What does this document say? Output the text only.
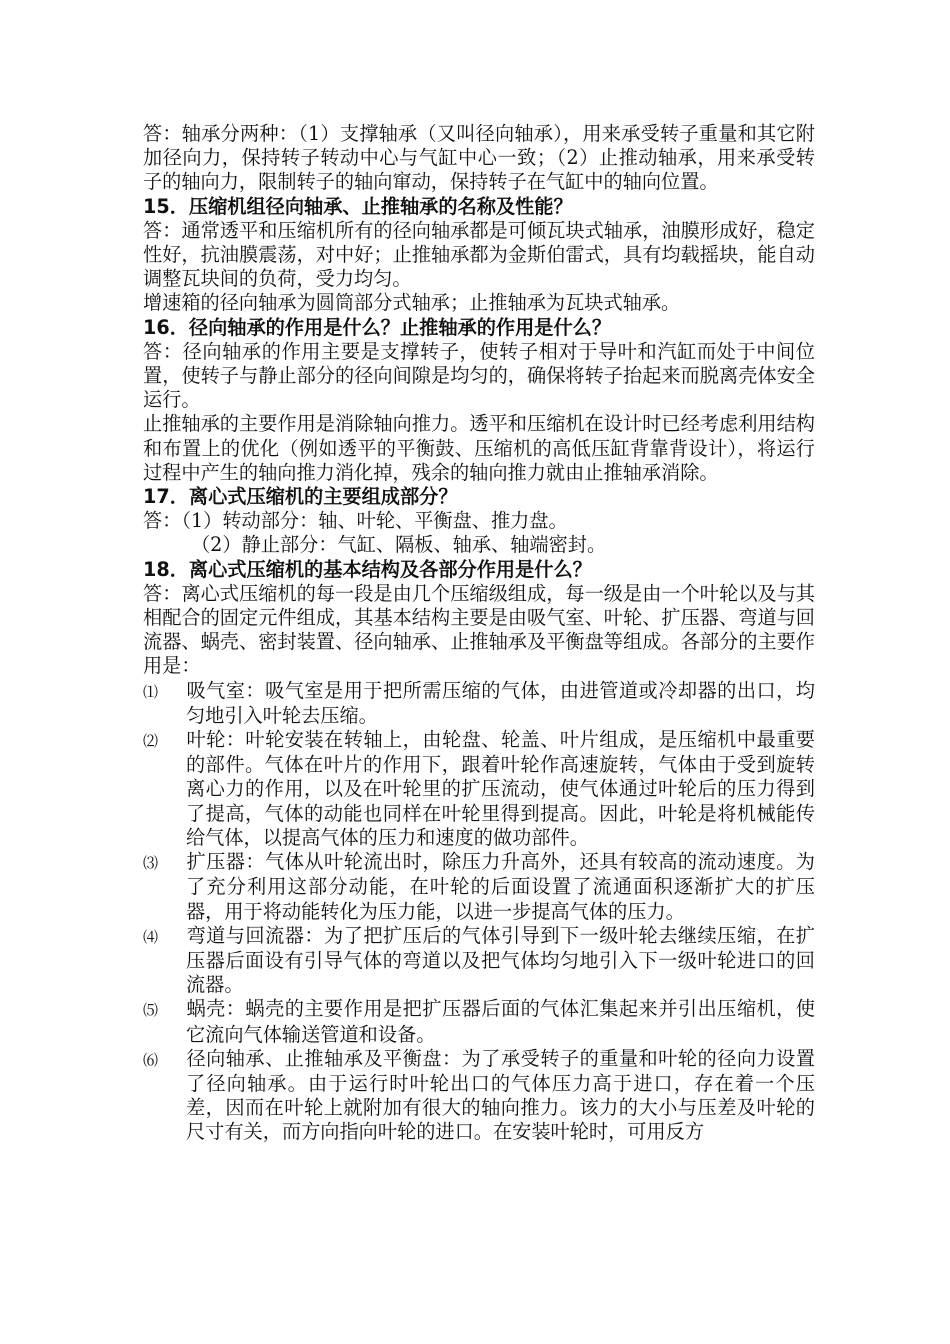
答：轴承分两种：（1）支撑轴承（又叫径向轴承），用来承受转子重量和其它附加径向力，保持转子转动中心与气缸中心一致；（2）止推动轴承，用来承受转子的轴向力，限制转子的轴向窜动，保持转子在气缸中的轴向位置。

15．压缩机组径向轴承、止推轴承的名称及性能？

答：通常透平和压缩机所有的径向轴承都是可倾瓦块式轴承，油膜形成好，稳定性好，抗油膜震荡，对中好；止推轴承都为金斯伯雷式，具有均载摇块，能自动调整瓦块间的负荷，受力均匀。

增速箱的径向轴承为圆筒部分式轴承；止推轴承为瓦块式轴承。

16．径向轴承的作用是什么？止推轴承的作用是什么？

答：径向轴承的作用主要是支撑转子，使转子相对于导叶和汽缸而处于中间位置，使转子与静止部分的径向间隙是均匀的，确保将转子抬起来而脱离壳体安全运行。

止推轴承的主要作用是消除轴向推力。透平和压缩机在设计时已经考虑利用结构和布置上的优化（例如透平的平衡鼓、压缩机的高低压缸背靠背设计），将运行过程中产生的轴向推力消化掉，残余的轴向推力就由止推轴承消除。

17．离心式压缩机的主要组成部分？

答：（1）转动部分：轴、叶轮、平衡盘、推力盘。

（2）静止部分：气缸、隔板、轴承、轴端密封。

18．离心式压缩机的基本结构及各部分作用是什么？

答：离心式压缩机的每一段是由几个压缩级组成，每一级是由一个叶轮以及与其相配合的固定元件组成，其基本结构主要是由吸气室、叶轮、扩压器、弯道与回流器、蜗壳、密封装置、径向轴承、止推轴承及平衡盘等组成。各部分的主要作用是：

⑴ 吸气室：吸气室是用于把所需压缩的气体，由进管道或冷却器的出口，均匀地引入叶轮去压缩。

⑵ 叶轮：叶轮安装在转轴上，由轮盘、轮盖、叶片组成，是压缩机中最重要的部件。气体在叶片的作用下，跟着叶轮作高速旋转，气体由于受到旋转离心力的作用，以及在叶轮里的扩压流动，使气体通过叶轮后的压力得到了提高，气体的动能也同样在叶轮里得到提高。因此，叶轮是将机械能传给气体，以提高气体的压力和速度的做功部件。

⑶ 扩压器：气体从叶轮流出时，除压力升高外，还具有较高的流动速度。为了充分利用这部分动能，在叶轮的后面设置了流通面积逐渐扩大的扩压器，用于将动能转化为压力能，以进一步提高气体的压力。

⑷ 弯道与回流器：为了把扩压后的气体引导到下一级叶轮去继续压缩，在扩压器后面设有引导气体的弯道以及把气体均匀地引入下一级叶轮进口的回流器。

⑸ 蜗壳：蜗壳的主要作用是把扩压器后面的气体汇集起来并引出压缩机，使它流向气体输送管道和设备。

⑹ 径向轴承、止推轴承及平衡盘：为了承受转子的重量和叶轮的径向力设置了径向轴承。由于运行时叶轮出口的气体压力高于进口，存在着一个压差，因而在叶轮上就附加有很大的轴向推力。该力的大小与压差及叶轮的尺寸有关，而方向指向叶轮的进口。在安装叶轮时，可用反方
